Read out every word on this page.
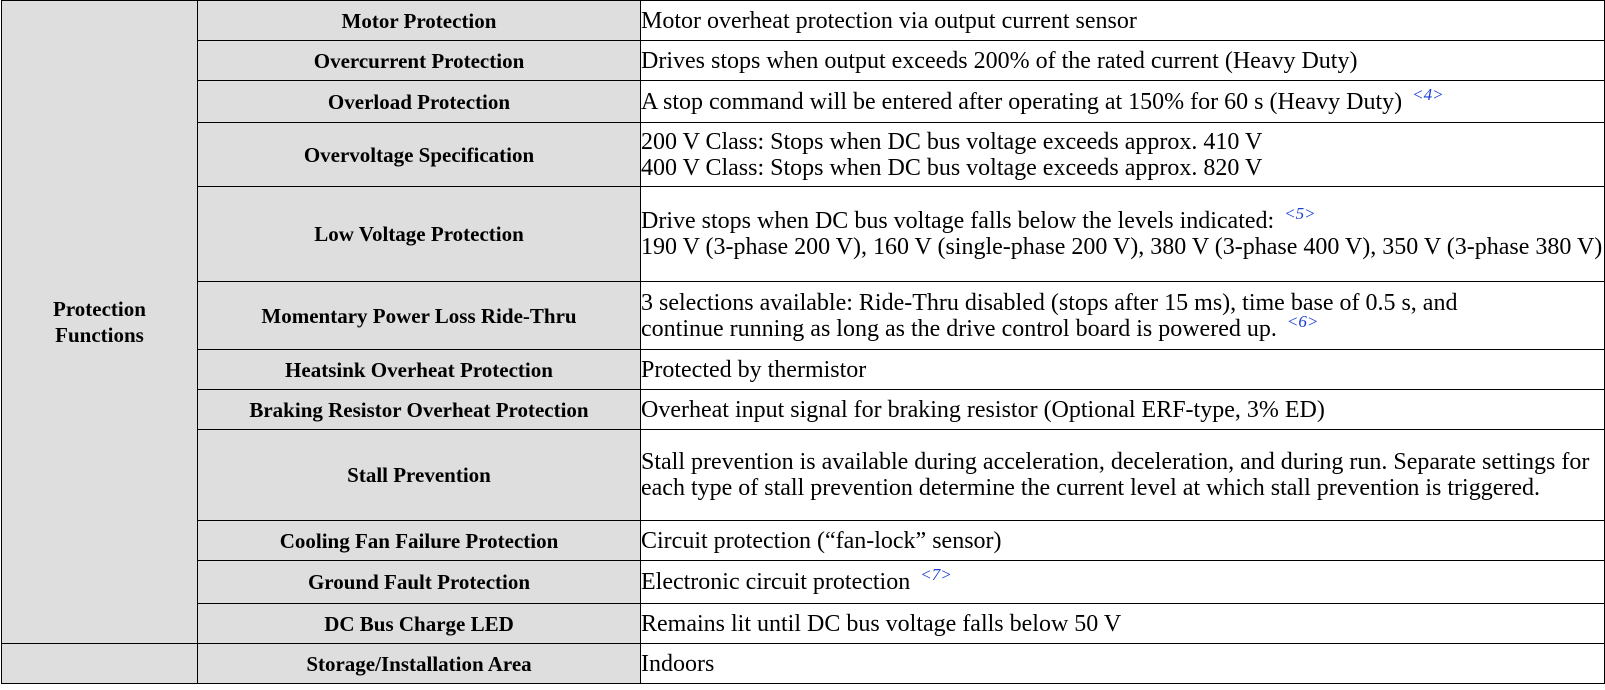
Protection
Functions	Motor Protection	Motor overheat protection via output current sensor

	Overcurrent Protection	Drives stops when output exceeds 200% of the rated current (Heavy Duty)

	Overload Protection	A stop command will be entered after operating at 150% for 60 s (Heavy Duty) $^{<4>}$

	Overvoltage Specification	200 V Class: Stops when DC bus voltage exceeds approx. 410 V
400 V Class: Stops when DC bus voltage exceeds approx. 820 V

	Low Voltage Protection	Drive stops when DC bus voltage falls below the levels indicated: $^{<5>}$
190 V (3-phase 200 V), 160 V (single-phase 200 V), 380 V (3-phase 400 V), 350 V (3-phase 380 V)

	Momentary Power Loss Ride-Thru	3 selections available: Ride-Thru disabled (stops after 15 ms), time base of 0.5 s, and
continue running as long as the drive control board is powered up. $^{<6>}$

	Heatsink Overheat Protection	Protected by thermistor

	Braking Resistor Overheat Protection	Overheat input signal for braking resistor (Optional ERF-type, 3% ED)

	Stall Prevention	Stall prevention is available during acceleration, deceleration, and during run. Separate settings for each type of stall prevention determine the current level at which stall prevention is triggered.

	Cooling Fan Failure Protection	Circuit protection (“fan-lock” sensor)

	Ground Fault Protection	Electronic circuit protection $^{<7>}$

	DC Bus Charge LED	Remains lit until DC bus voltage falls below 50 V

	Storage/Installation Area	Indoors
